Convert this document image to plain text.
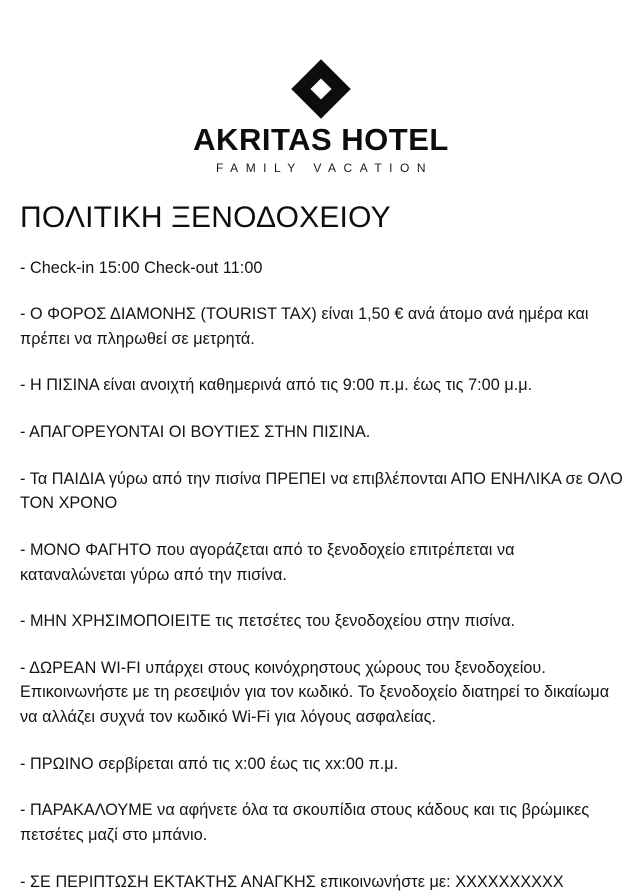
AKRITAS HOTEL
FAMILY VACATION
ΠΟΛΙΤΙΚΗ ΞΕΝΟΔΟΧΕΙΟΥ
- Check-in 15:00 Check-out 11:00
- Ο ΦΟΡΟΣ ΔΙΑΜΟΝΗΣ (TOURIST TAX) είναι 1,50 € ανά άτομο ανά ημέρα και πρέπει να πληρωθεί σε μετρητά.
- Η ΠΙΣΙΝΑ είναι ανοιχτή καθημερινά από τις 9:00 π.μ. έως τις 7:00 μ.μ.
- ΑΠΑΓΟΡΕΥΟΝΤΑΙ ΟΙ ΒΟΥΤΙΕΣ ΣΤΗΝ ΠΙΣΙΝΑ.
- Τα ΠΑΙΔΙΑ γύρω από την πισίνα ΠΡΕΠΕΙ να επιβλέπονται ΑΠΟ ΕΝΗΛΙΚΑ σε ΟΛΟ ΤΟΝ ΧΡΟΝΟ
- ΜΟΝΟ ΦΑΓΗΤΟ που αγοράζεται από το ξενοδοχείο επιτρέπεται να καταναλώνεται γύρω από την πισίνα.
- ΜΗΝ ΧΡΗΣΙΜΟΠΟΙΕΙΤΕ τις πετσέτες του ξενοδοχείου στην πισίνα.
- ΔΩΡΕΑΝ WI-FI υπάρχει στους κοινόχρηστους χώρους του ξενοδοχείου. Επικοινωνήστε με τη ρεσεψιόν για τον κωδικό. Το ξενοδοχείο διατηρεί το δικαίωμα να αλλάζει συχνά τον κωδικό Wi-Fi για λόγους ασφαλείας.
- ΠΡΩΙΝΟ σερβίρεται από τις x:00 έως τις xx:00 π.μ.
- ΠΑΡΑΚΑΛΟΥΜΕ να αφήνετε όλα τα σκουπίδια στους κάδους και τις βρώμικες πετσέτες μαζί στο μπάνιο.
- ΣΕ ΠΕΡΙΠΤΩΣΗ ΕΚΤΑΚΤΗΣ ΑΝΑΓΚΗΣ επικοινωνήστε με: ΧΧΧΧΧΧΧΧΧΧ
